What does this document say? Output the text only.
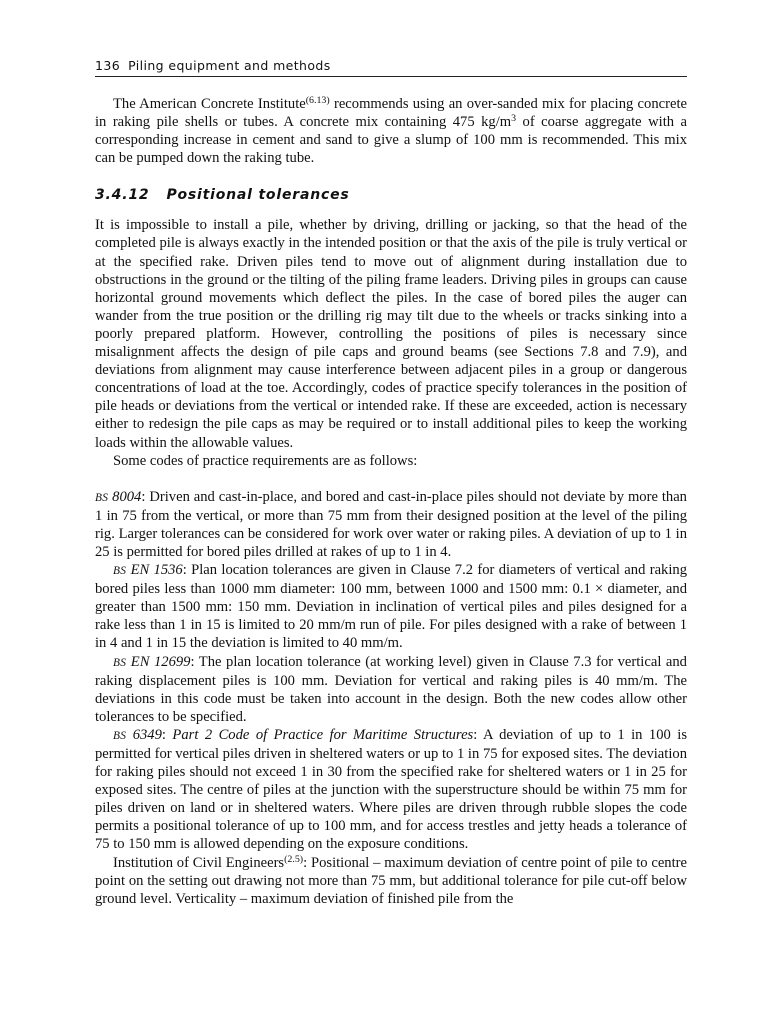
136 Piling equipment and methods

The American Concrete Institute$^{(6.13)}$ recommends using an over-sanded mix for placing concrete in raking pile shells or tubes. A concrete mix containing 475 $kg/m^3$ of coarse aggregate with a corresponding increase in cement and sand to give a slump of 100 mm is recommended. This mix can be pumped down the raking tube.

3.4.12 Positional tolerances

It is impossible to install a pile, whether by driving, drilling or jacking, so that the head of the completed pile is always exactly in the intended position or that the axis of the pile is truly vertical or at the specified rake. Driven piles tend to move out of alignment during installation due to obstructions in the ground or the tilting of the piling frame leaders. Driving piles in groups can cause horizontal ground movements which deflect the piles. In the case of bored piles the auger can wander from the true position or the drilling rig may tilt due to the wheels or tracks sinking into a poorly prepared platform. However, controlling the positions of piles is necessary since misalignment affects the design of pile caps and ground beams (see Sections 7.8 and 7.9), and deviations from alignment may cause interference between adjacent piles in a group or dangerous concentrations of load at the toe. Accordingly, codes of practice specify tolerances in the position of pile heads or deviations from the vertical or intended rake. If these are exceeded, action is necessary either to redesign the pile caps as may be required or to install additional piles to keep the working loads within the allowable values.

Some codes of practice requirements are as follows:

BS 8004: Driven and cast-in-place, and bored and cast-in-place piles should not deviate by more than 1 in 75 from the vertical, or more than 75 mm from their designed position at the level of the piling rig. Larger tolerances can be considered for work over water or raking piles. A deviation of up to 1 in 25 is permitted for bored piles drilled at rakes of up to 1 in 4.

BS EN 1536: Plan location tolerances are given in Clause 7.2 for diameters of vertical and raking bored piles less than 1000 mm diameter: 100 mm, between 1000 and 1500 mm: 0.1 × diameter, and greater than 1500 mm: 150 mm. Deviation in inclination of vertical piles and piles designed for a rake less than 1 in 15 is limited to 20 mm/m run of pile. For piles designed with a rake of between 1 in 4 and 1 in 15 the deviation is limited to 40 mm/m.

BS EN 12699: The plan location tolerance (at working level) given in Clause 7.3 for vertical and raking displacement piles is 100 mm. Deviation for vertical and raking piles is 40 mm/m. The deviations in this code must be taken into account in the design. Both the new codes allow other tolerances to be specified.

BS 6349: Part 2 Code of Practice for Maritime Structures: A deviation of up to 1 in 100 is permitted for vertical piles driven in sheltered waters or up to 1 in 75 for exposed sites. The deviation for raking piles should not exceed 1 in 30 from the specified rake for sheltered waters or 1 in 25 for exposed sites. The centre of piles at the junction with the superstructure should be within 75 mm for piles driven on land or in sheltered waters. Where piles are driven through rubble slopes the code permits a positional tolerance of up to 100 mm, and for access trestles and jetty heads a tolerance of 75 to 150 mm is allowed depending on the exposure conditions.

Institution of Civil Engineers$^{(2.5)}$: Positional – maximum deviation of centre point of pile to centre point on the setting out drawing not more than 75 mm, but additional tolerance for pile cut-off below ground level. Verticality – maximum deviation of finished pile from the
